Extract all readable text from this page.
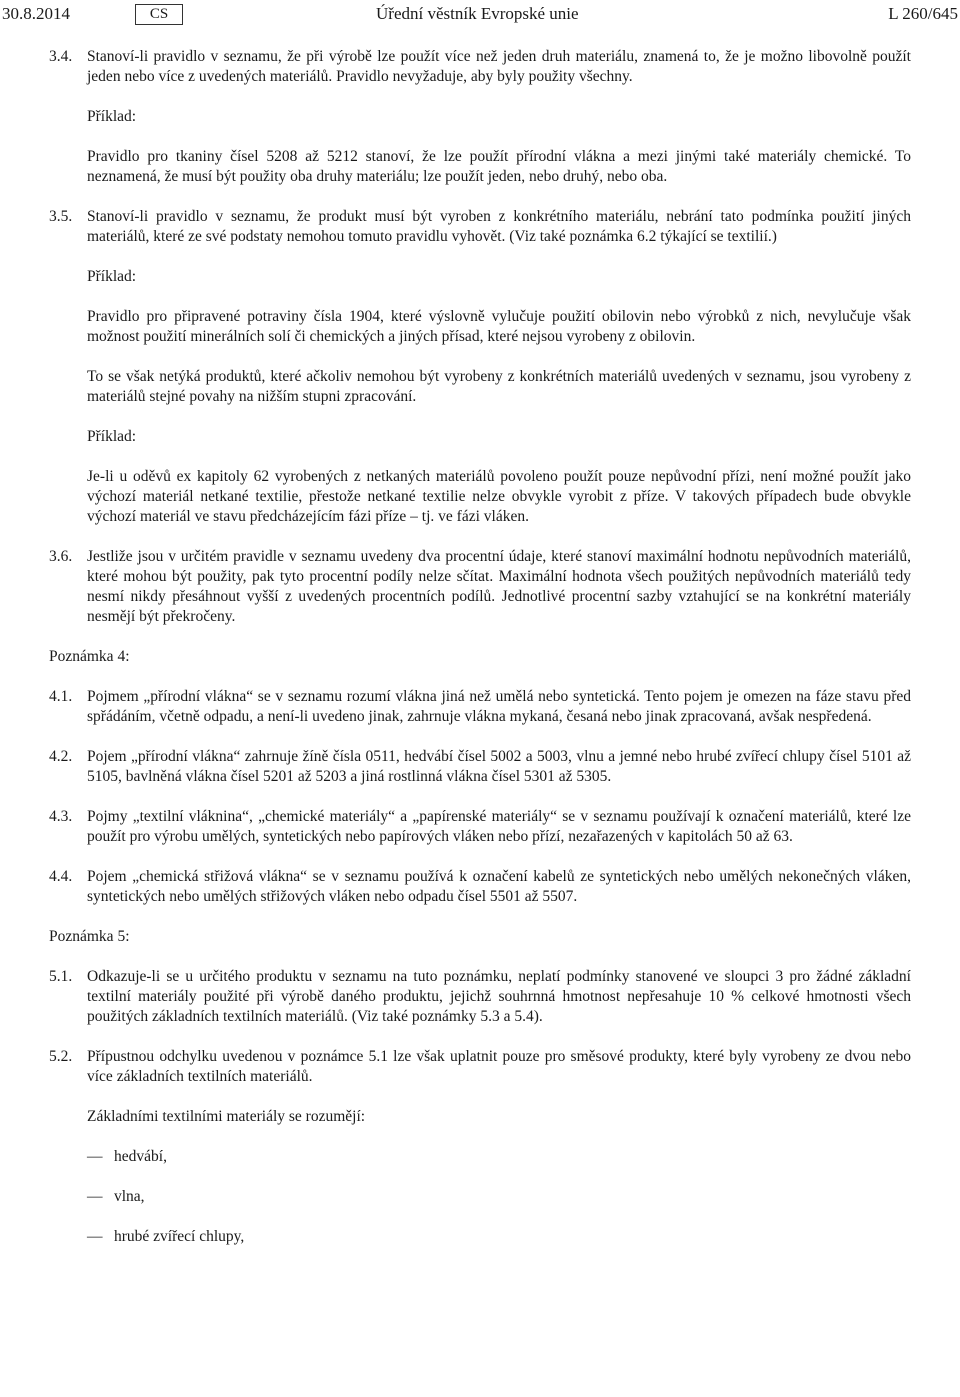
30.8.2014	CS	Úřední věstník Evropské unie	L 260/645
3.4. Stanoví-li pravidlo v seznamu, že při výrobě lze použít více než jeden druh materiálu, znamená to, že je možno libovolně použít jeden nebo více z uvedených materiálů. Pravidlo nevyžaduje, aby byly použity všechny.
Příklad:
Pravidlo pro tkaniny čísel 5208 až 5212 stanoví, že lze použít přírodní vlákna a mezi jinými také materiály chemické. To neznamená, že musí být použity oba druhy materiálu; lze použít jeden, nebo druhý, nebo oba.
3.5. Stanoví-li pravidlo v seznamu, že produkt musí být vyroben z konkrétního materiálu, nebrání tato podmínka použití jiných materiálů, které ze své podstaty nemohou tomuto pravidlu vyhovět. (Viz také poznámka 6.2 týkající se textilií.)
Příklad:
Pravidlo pro připravené potraviny čísla 1904, které výslovně vylučuje použití obilovin nebo výrobků z nich, nevylučuje však možnost použití minerálních solí či chemických a jiných přísad, které nejsou vyrobeny z obilovin.
To se však netýká produktů, které ačkoliv nemohou být vyrobeny z konkrétních materiálů uvedených v seznamu, jsou vyrobeny z materiálů stejné povahy na nižším stupni zpracování.
Příklad:
Je-li u oděvů ex kapitoly 62 vyrobených z netkaných materiálů povoleno použít pouze nepůvodní přízi, není možné použít jako výchozí materiál netkané textilie, přestože netkané textilie nelze obvykle vyrobit z příze. V takových případech bude obvykle výchozí materiál ve stavu předcházejícím fázi příze – tj. ve fázi vláken.
3.6. Jestliže jsou v určitém pravidle v seznamu uvedeny dva procentní údaje, které stanoví maximální hodnotu nepůvodních materiálů, které mohou být použity, pak tyto procentní podíly nelze sčítat. Maximální hodnota všech použitých nepůvodních materiálů tedy nesmí nikdy přesáhnout vyšší z uvedených procentních podílů. Jednotlivé procentní sazby vztahující se na konkrétní materiály nesmějí být překročeny.
Poznámka 4:
4.1. Pojmem „přírodní vlákna“ se v seznamu rozumí vlákna jiná než umělá nebo syntetická. Tento pojem je omezen na fáze stavu před spřádáním, včetně odpadu, a není-li uvedeno jinak, zahrnuje vlákna mykaná, česaná nebo jinak zpracovaná, avšak nespředená.
4.2. Pojem „přírodní vlákna“ zahrnuje žíně čísla 0511, hedvábí čísel 5002 a 5003, vlnu a jemné nebo hrubé zvířecí chlupy čísel 5101 až 5105, bavlněná vlákna čísel 5201 až 5203 a jiná rostlinná vlákna čísel 5301 až 5305.
4.3. Pojmy „textilní vláknina“, „chemické materiály“ a „papírenské materiály“ se v seznamu používají k označení materiálů, které lze použít pro výrobu umělých, syntetických nebo papírových vláken nebo přízí, nezařazených v kapitolách 50 až 63.
4.4. Pojem „chemická střižová vlákna“ se v seznamu používá k označení kabelů ze syntetických nebo umělých nekonečných vláken, syntetických nebo umělých střižových vláken nebo odpadu čísel 5501 až 5507.
Poznámka 5:
5.1. Odkazuje-li se u určitého produktu v seznamu na tuto poznámku, neplatí podmínky stanovené ve sloupci 3 pro žádné základní textilní materiály použité při výrobě daného produktu, jejichž souhrnná hmotnost nepřesahuje 10 % celkové hmotnosti všech použitých základních textilních materiálů. (Viz také poznámky 5.3 a 5.4).
5.2. Přípustnou odchylku uvedenou v poznámce 5.1 lze však uplatnit pouze pro směsové produkty, které byly vyrobeny ze dvou nebo více základních textilních materiálů.
Základními textilními materiály se rozumějí:
— hedvábí,
— vlna,
— hrubé zvířecí chlupy,
